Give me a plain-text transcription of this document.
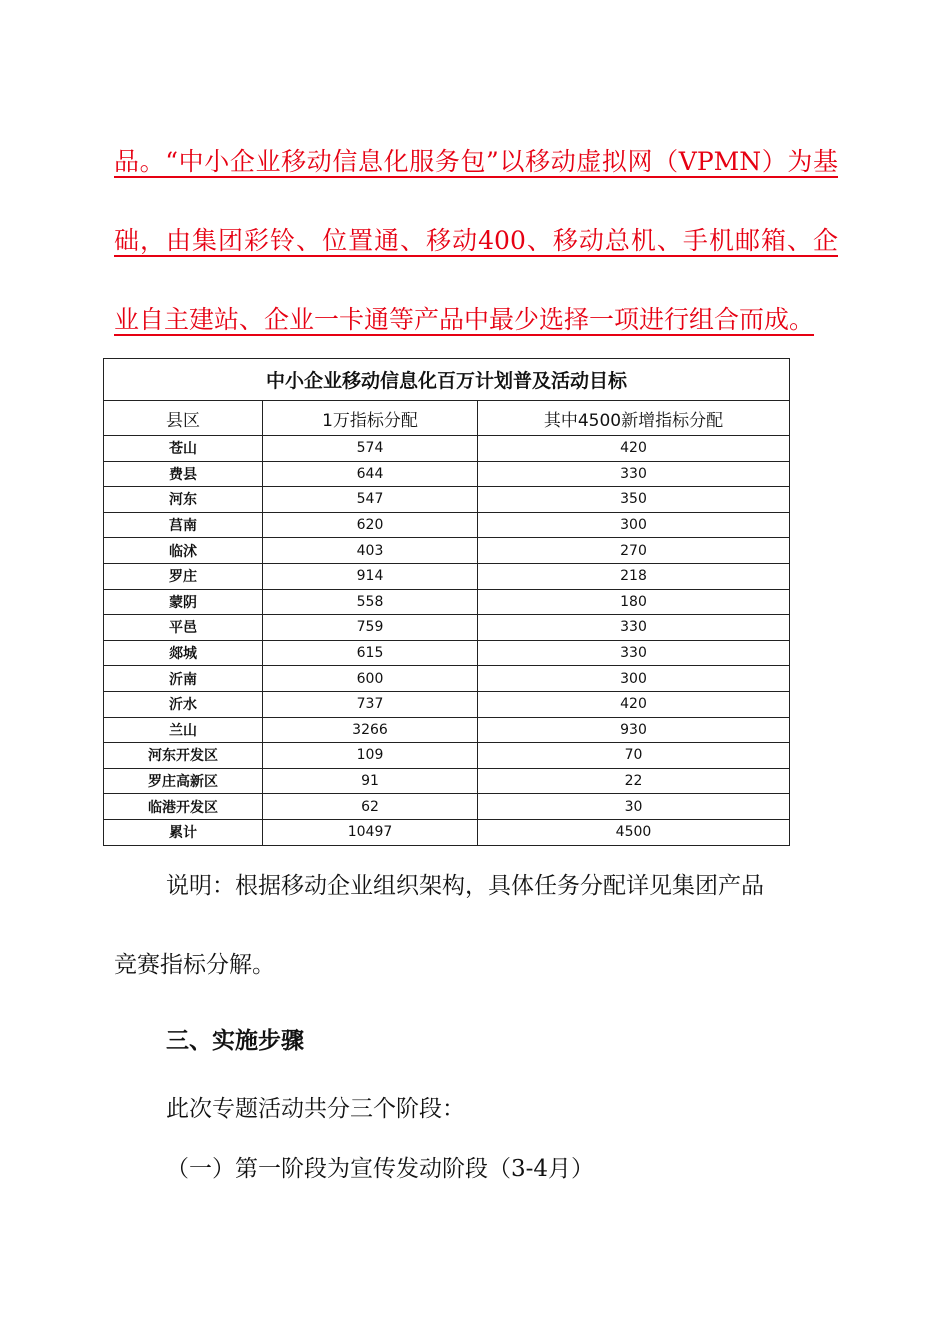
品。“中小企业移动信息化服务包”以移动虚拟网（VPMN）为基
础，由集团彩铃、位置通、移动400、移动总机、手机邮箱、企
业自主建站、企业一卡通等产品中最少选择一项进行组合而成。
中小企业移动信息化百万计划普及活动目标		
县区	1万指标分配	其中4500新增指标分配
苍山	574	420
费县	644	330
河东	547	350
莒南	620	300
临沭	403	270
罗庄	914	218
蒙阴	558	180
平邑	759	330
郯城	615	330
沂南	600	300
沂水	737	420
兰山	3266	930
河东开发区	109	70
罗庄高新区	91	22
临港开发区	62	30
累计	10497	4500
说明：根据移动企业组织架构，具体任务分配详见集团产品
竞赛指标分解。
三、实施步骤
此次专题活动共分三个阶段：
（一）第一阶段为宣传发动阶段（3-4月）
